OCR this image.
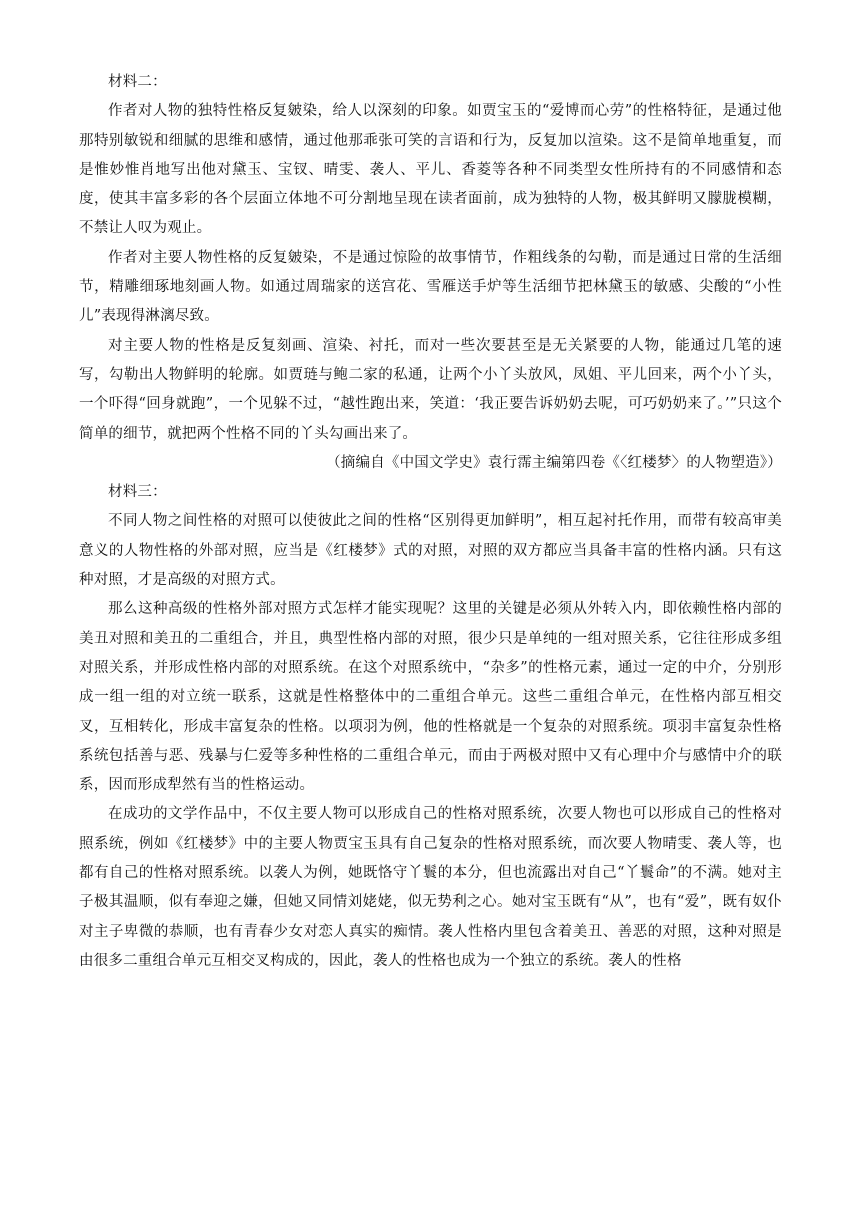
材料二：

作者对人物的独特性格反复皴染，给人以深刻的印象。如贾宝玉的“爱博而心劳”的性格特征，是通过他那特别敏锐和细腻的思维和感情，通过他那乖张可笑的言语和行为，反复加以渲染。这不是简单地重复，而是惟妙惟肖地写出他对黛玉、宝钗、晴雯、袭人、平儿、香菱等各种不同类型女性所持有的不同感情和态度，使其丰富多彩的各个层面立体地不可分割地呈现在读者面前，成为独特的人物，极其鲜明又朦胧模糊，不禁让人叹为观止。

作者对主要人物性格的反复皴染，不是通过惊险的故事情节，作粗线条的勾勒，而是通过日常的生活细节，精雕细琢地刻画人物。如通过周瑞家的送宫花、雪雁送手炉等生活细节把林黛玉的敏感、尖酸的“小性儿”表现得淋漓尽致。

对主要人物的性格是反复刻画、渲染、衬托，而对一些次要甚至是无关紧要的人物，能通过几笔的速写，勾勒出人物鲜明的轮廓。如贾琏与鲍二家的私通，让两个小丫头放风，凤姐、平儿回来，两个小丫头，一个吓得“回身就跑”，一个见躲不过，“越性跑出来，笑道：‘我正要告诉奶奶去呢，可巧奶奶来了。’”只这个简单的细节，就把两个性格不同的丫头勾画出来了。

（摘编自《中国文学史》袁行霈主编第四卷《〈红楼梦〉的人物塑造》）

材料三：

不同人物之间性格的对照可以使彼此之间的性格“区别得更加鲜明”，相互起衬托作用，而带有较高审美意义的人物性格的外部对照，应当是《红楼梦》式的对照，对照的双方都应当具备丰富的性格内涵。只有这种对照，才是高级的对照方式。

那么这种高级的性格外部对照方式怎样才能实现呢？这里的关键是必须从外转入内，即依赖性格内部的美丑对照和美丑的二重组合，并且，典型性格内部的对照，很少只是单纯的一组对照关系，它往往形成多组对照关系，并形成性格内部的对照系统。在这个对照系统中，“杂多”的性格元素，通过一定的中介，分别形成一组一组的对立统一联系，这就是性格整体中的二重组合单元。这些二重组合单元，在性格内部互相交叉，互相转化，形成丰富复杂的性格。以项羽为例，他的性格就是一个复杂的对照系统。项羽丰富复杂性格系统包括善与恶、残暴与仁爱等多种性格的二重组合单元，而由于两极对照中又有心理中介与感情中介的联系，因而形成犁然有当的性格运动。

在成功的文学作品中，不仅主要人物可以形成自己的性格对照系统，次要人物也可以形成自己的性格对照系统，例如《红楼梦》中的主要人物贾宝玉具有自己复杂的性格对照系统，而次要人物晴雯、袭人等，也都有自己的性格对照系统。以袭人为例，她既恪守丫鬟的本分，但也流露出对自己“丫鬟命”的不满。她对主子极其温顺，似有奉迎之嫌，但她又同情刘姥姥，似无势利之心。她对宝玉既有“从”，也有“爱”，既有奴仆对主子卑微的恭顺，也有青春少女对恋人真实的痴情。袭人性格内里包含着美丑、善恶的对照，这种对照是由很多二重组合单元互相交叉构成的，因此，袭人的性格也成为一个独立的系统。袭人的性格
